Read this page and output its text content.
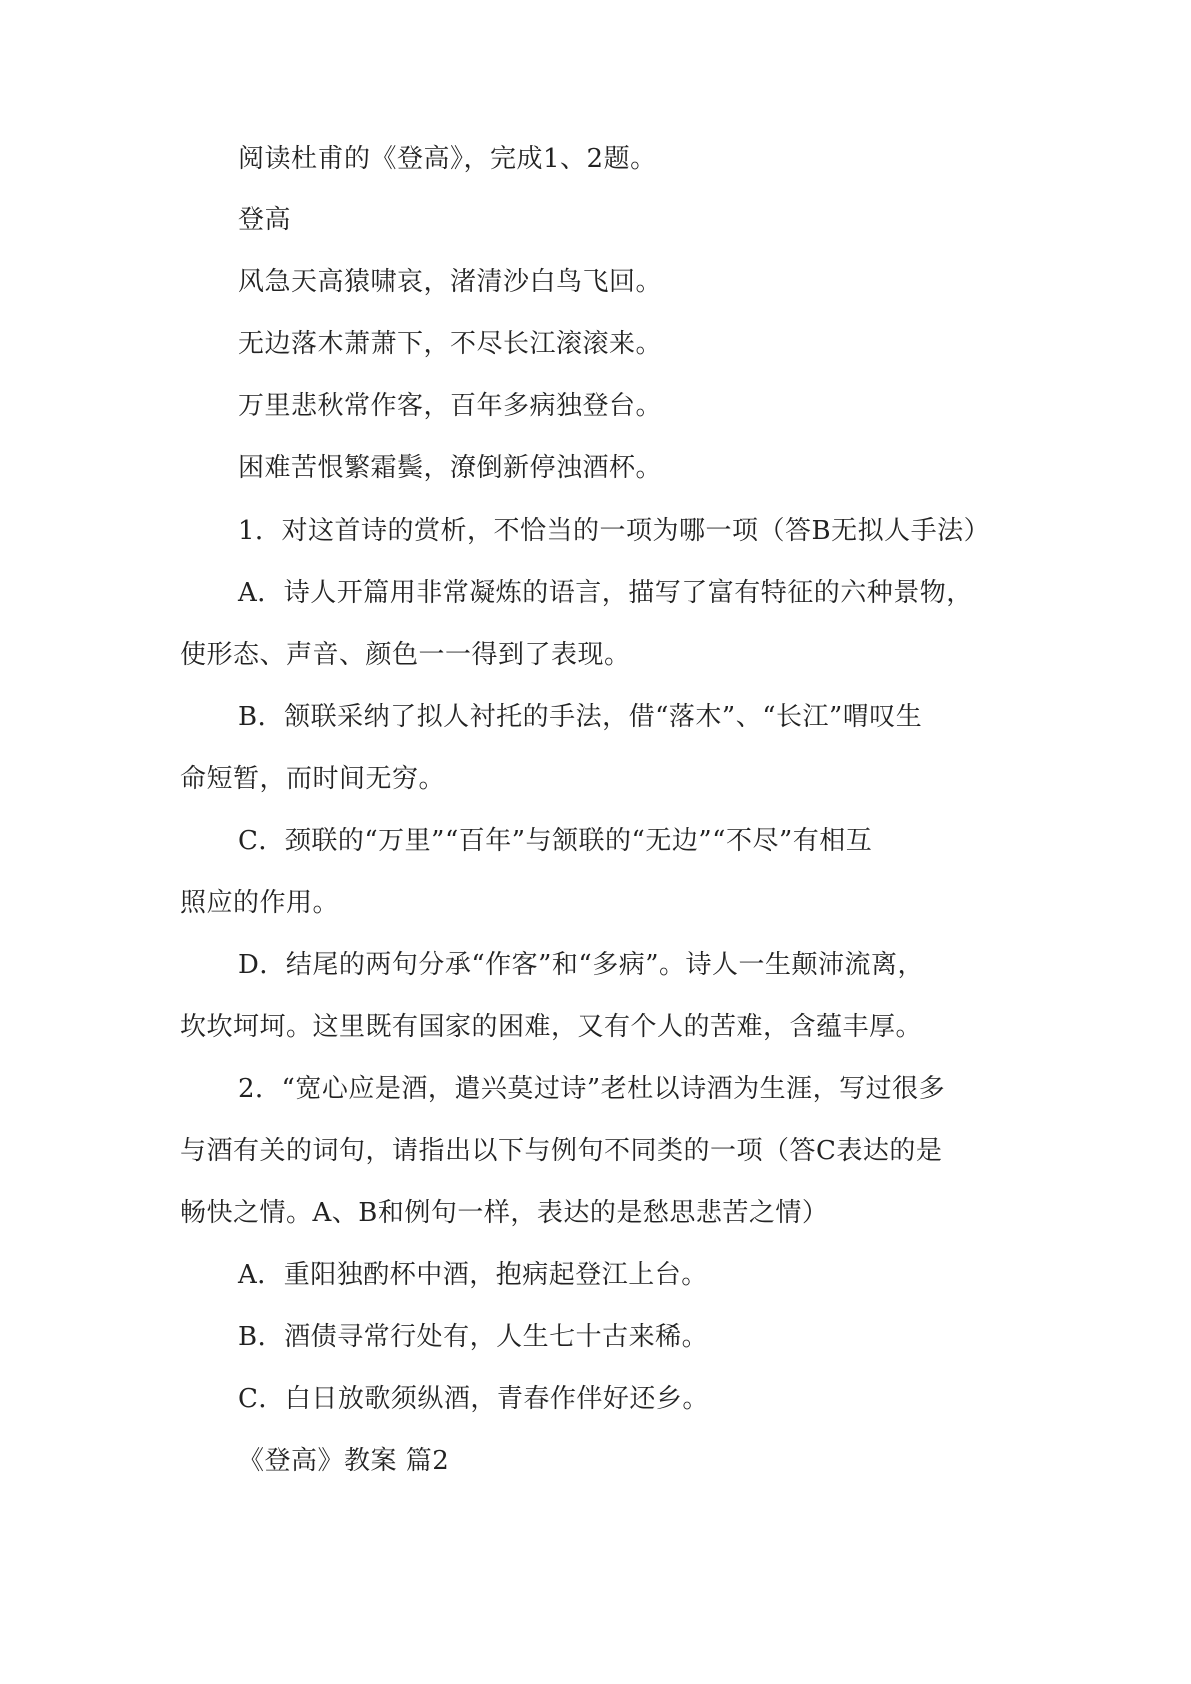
阅读杜甫的《登高》，完成1、2题。
登高
风急天高猿啸哀，渚清沙白鸟飞回。
无边落木萧萧下，不尽长江滚滚来。
万里悲秋常作客，百年多病独登台。
困难苦恨繁霜鬓，潦倒新停浊酒杯。
1．对这首诗的赏析，不恰当的一项为哪一项（答B无拟人手法）
A．诗人开篇用非常凝炼的语言，描写了富有特征的六种景物，
使形态、声音、颜色一一得到了表现。
B．颔联采纳了拟人衬托的手法，借“落木”、“长江”喟叹生
命短暂，而时间无穷。
C．颈联的“万里”“百年”与颔联的“无边”“不尽”有相互
照应的作用。
D．结尾的两句分承“作客”和“多病”。诗人一生颠沛流离，
坎坎坷坷。这里既有国家的困难，又有个人的苦难，含蕴丰厚。
2．“宽心应是酒，遣兴莫过诗”老杜以诗酒为生涯，写过很多
与酒有关的词句，请指出以下与例句不同类的一项（答C表达的是
畅快之情。A、B和例句一样，表达的是愁思悲苦之情）
A．重阳独酌杯中酒，抱病起登江上台。
B．酒债寻常行处有，人生七十古来稀。
C．白日放歌须纵酒，青春作伴好还乡。
《登高》教案 篇2
